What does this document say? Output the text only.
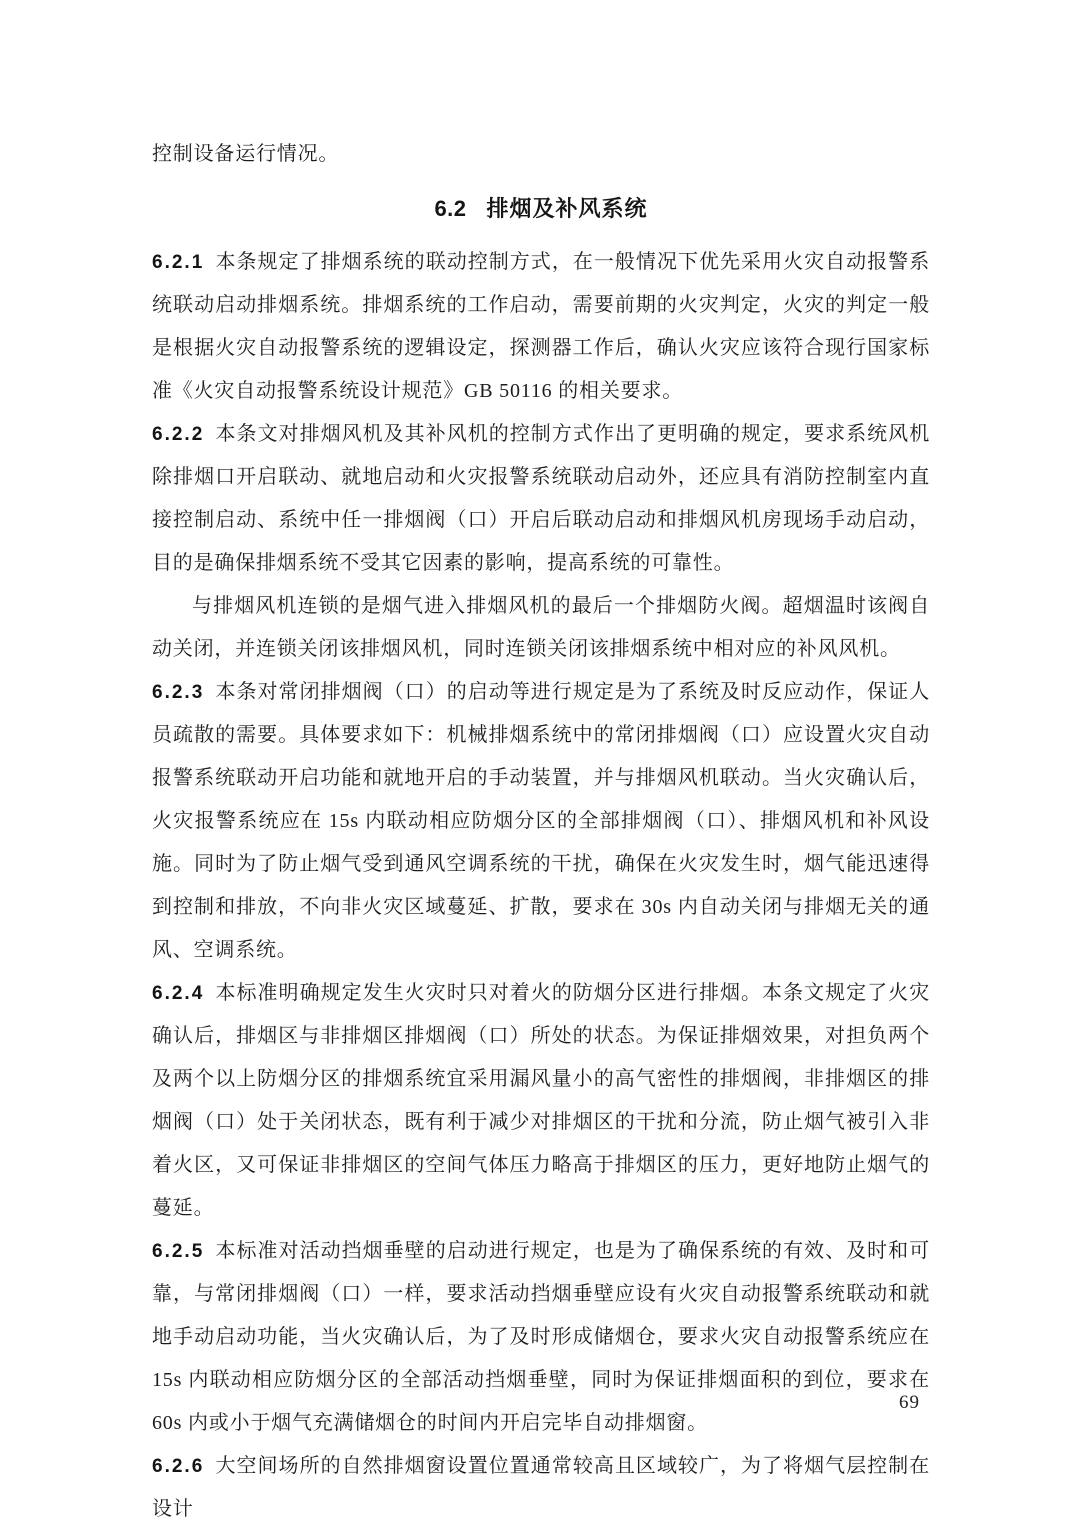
控制设备运行情况。

6.2 排烟及补风系统

6.2.1 本条规定了排烟系统的联动控制方式，在一般情况下优先采用火灾自动报警系统联动启动排烟系统。排烟系统的工作启动，需要前期的火灾判定，火灾的判定一般是根据火灾自动报警系统的逻辑设定，探测器工作后，确认火灾应该符合现行国家标准《火灾自动报警系统设计规范》GB 50116 的相关要求。

6.2.2 本条文对排烟风机及其补风机的控制方式作出了更明确的规定，要求系统风机除排烟口开启联动、就地启动和火灾报警系统联动启动外，还应具有消防控制室内直接控制启动、系统中任一排烟阀（口）开启后联动启动和排烟风机房现场手动启动，目的是确保排烟系统不受其它因素的影响，提高系统的可靠性。

与排烟风机连锁的是烟气进入排烟风机的最后一个排烟防火阀。超烟温时该阀自动关闭，并连锁关闭该排烟风机，同时连锁关闭该排烟系统中相对应的补风风机。

6.2.3 本条对常闭排烟阀（口）的启动等进行规定是为了系统及时反应动作，保证人员疏散的需要。具体要求如下：机械排烟系统中的常闭排烟阀（口）应设置火灾自动报警系统联动开启功能和就地开启的手动装置，并与排烟风机联动。当火灾确认后，火灾报警系统应在 15s 内联动相应防烟分区的全部排烟阀（口）、排烟风机和补风设施。同时为了防止烟气受到通风空调系统的干扰，确保在火灾发生时，烟气能迅速得到控制和排放，不向非火灾区域蔓延、扩散，要求在 30s 内自动关闭与排烟无关的通风、空调系统。

6.2.4 本标准明确规定发生火灾时只对着火的防烟分区进行排烟。本条文规定了火灾确认后，排烟区与非排烟区排烟阀（口）所处的状态。为保证排烟效果，对担负两个及两个以上防烟分区的排烟系统宜采用漏风量小的高气密性的排烟阀，非排烟区的排烟阀（口）处于关闭状态，既有利于减少对排烟区的干扰和分流，防止烟气被引入非着火区，又可保证非排烟区的空间气体压力略高于排烟区的压力，更好地防止烟气的蔓延。

6.2.5 本标准对活动挡烟垂壁的启动进行规定，也是为了确保系统的有效、及时和可靠，与常闭排烟阀（口）一样，要求活动挡烟垂壁应设有火灾自动报警系统联动和就地手动启动功能，当火灾确认后，为了及时形成储烟仓，要求火灾自动报警系统应在 15s 内联动相应防烟分区的全部活动挡烟垂壁，同时为保证排烟面积的到位，要求在 60s 内或小于烟气充满储烟仓的时间内开启完毕自动排烟窗。

6.2.6 大空间场所的自然排烟窗设置位置通常较高且区域较广，为了将烟气层控制在设计

69
